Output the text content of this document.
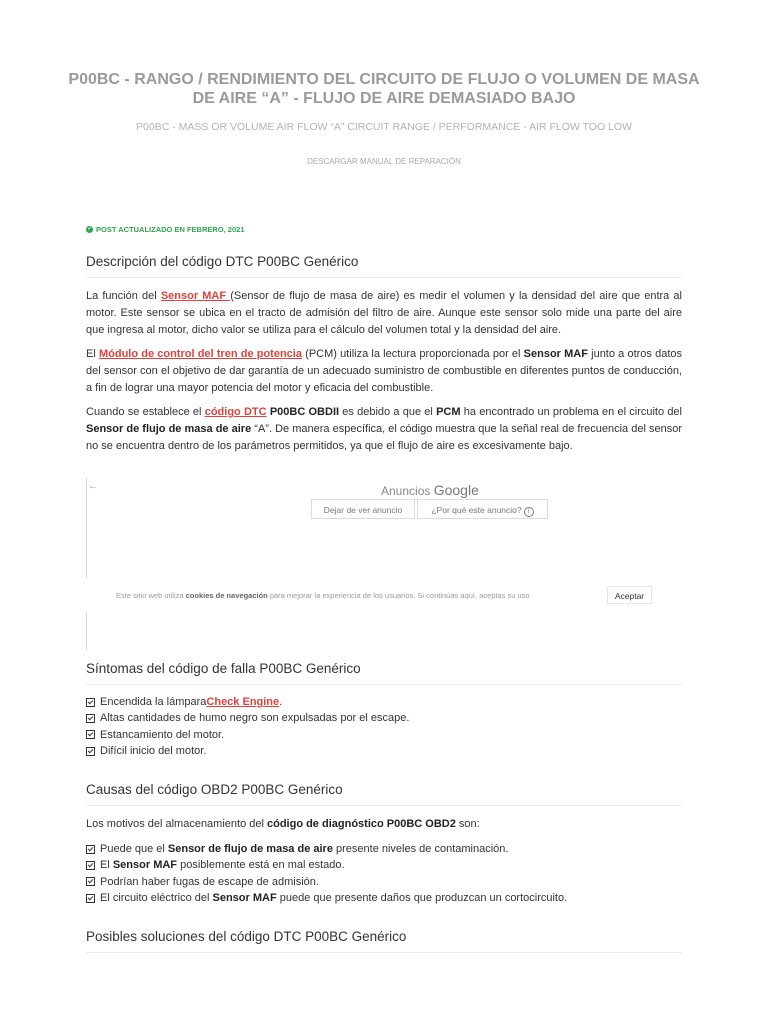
P00BC - RANGO / RENDIMIENTO DEL CIRCUITO DE FLUJO O VOLUMEN DE MASA DE AIRE “A” - FLUJO DE AIRE DEMASIADO BAJO

P00BC - MASS OR VOLUME AIR FLOW “A” CIRCUIT RANGE / PERFORMANCE - AIR FLOW TOO LOW

DESCARGAR MANUAL DE REPARACIÓN

✓ POST ACTUALIZADO EN FEBRERO, 2021
Descripción del código DTC P00BC Genérico

La función del Sensor MAF (Sensor de flujo de masa de aire) es medir el volumen y la densidad del aire que entra al motor. Este sensor se ubica en el tracto de admisión del filtro de aire. Aunque este sensor solo mide una parte del aire que ingresa al motor, dicho valor se utiliza para el cálculo del volumen total y la densidad del aire.

El Módulo de control del tren de potencia (PCM) utiliza la lectura proporcionada por el Sensor MAF junto a otros datos del sensor con el objetivo de dar garantía de un adecuado suministro de combustible en diferentes puntos de conducción, a fin de lograr una mayor potencia del motor y eficacia del combustible.

Cuando se establece el código DTC P00BC OBDII es debido a que el PCM ha encontrado un problema en el circuito del Sensor de flujo de masa de aire “A”. De manera específica, el código muestra que la señal real de frecuencia del sensor no se encuentra dentro de los parámetros permitidos, ya que el flujo de aire es excesivamente bajo.

←	Anuncios Google
Dejar de ver anuncio	¿Por qué este anuncio? i
Este sitio web utiliza cookies de navegación para mejorar la experiencia de los usuarios. Si continúas aquí, aceptas su uso	Aceptar
Síntomas del código de falla P00BC Genérico
Encendida la lámpara Check Engine .
Altas cantidades de humo negro son expulsadas por el escape.
Estancamiento del motor.
Difícil inicio del motor.
Causas del código OBD2 P00BC Genérico

Los motivos del almacenamiento del código de diagnóstico P00BC OBD2 son:

Puede que el Sensor de flujo de masa de aire presente niveles de contaminación.
El Sensor MAF posiblemente está en mal estado.
Podrían haber fugas de escape de admisión.
El circuito eléctrico del Sensor MAF puede que presente daños que produzcan un cortocircuito.
Posibles soluciones del código DTC P00BC Genérico
